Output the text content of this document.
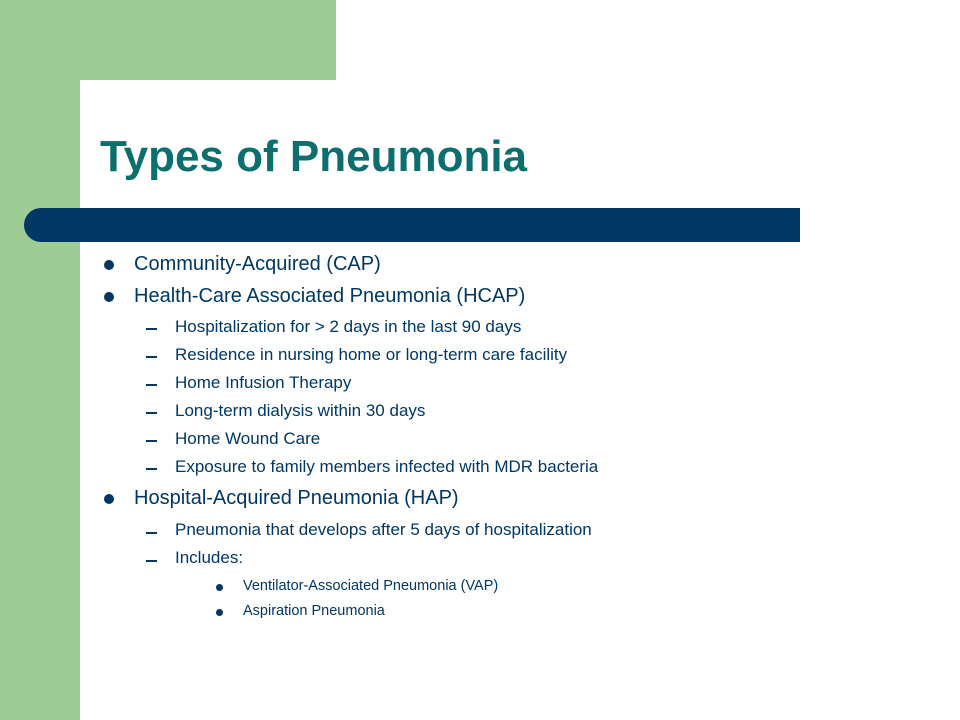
Types of Pneumonia
Community-Acquired (CAP)
Health-Care Associated Pneumonia (HCAP)
Hospitalization for > 2 days in the last 90 days
Residence in nursing home or long-term care facility
Home Infusion Therapy
Long-term dialysis within 30 days
Home Wound Care
Exposure to family members infected with MDR bacteria
Hospital-Acquired Pneumonia (HAP)
Pneumonia that develops after 5 days of hospitalization
Includes:
Ventilator-Associated Pneumonia (VAP)
Aspiration Pneumonia
